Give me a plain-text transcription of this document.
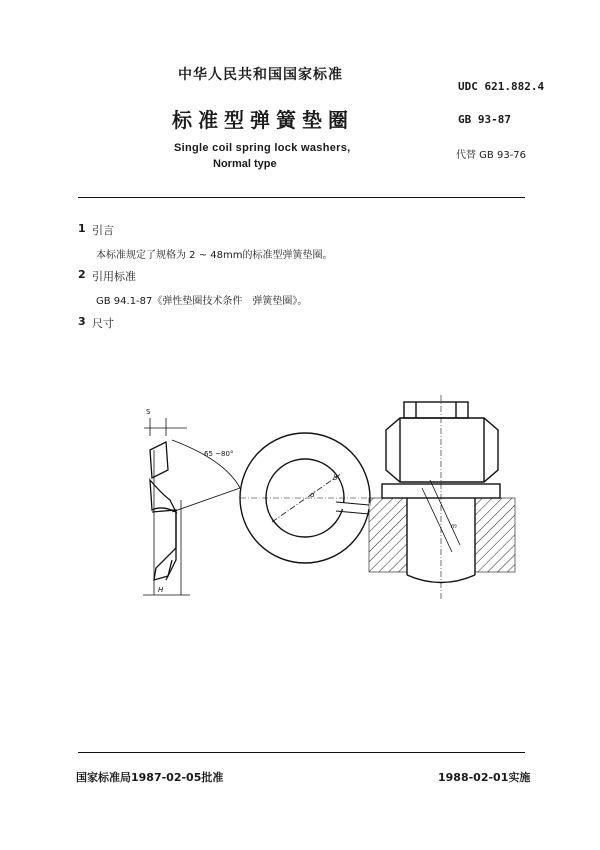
中华人民共和国国家标准
UDC 621.882.4
标准型弹簧垫圈	GB 93-87
Single coil spring lock washers,
Normal type
代替 GB 93-76
1 引言
本标准规定了规格为 2 ~ 48mm的标准型弹簧垫圈。
2 引用标准
GB 94.1-87《弹性垫圈技术条件　弹簧垫圈》。
3 尺寸
S
65 ~80°
H
d
b
m
国家标准局1987-02-05批准	1988-02-01实施
